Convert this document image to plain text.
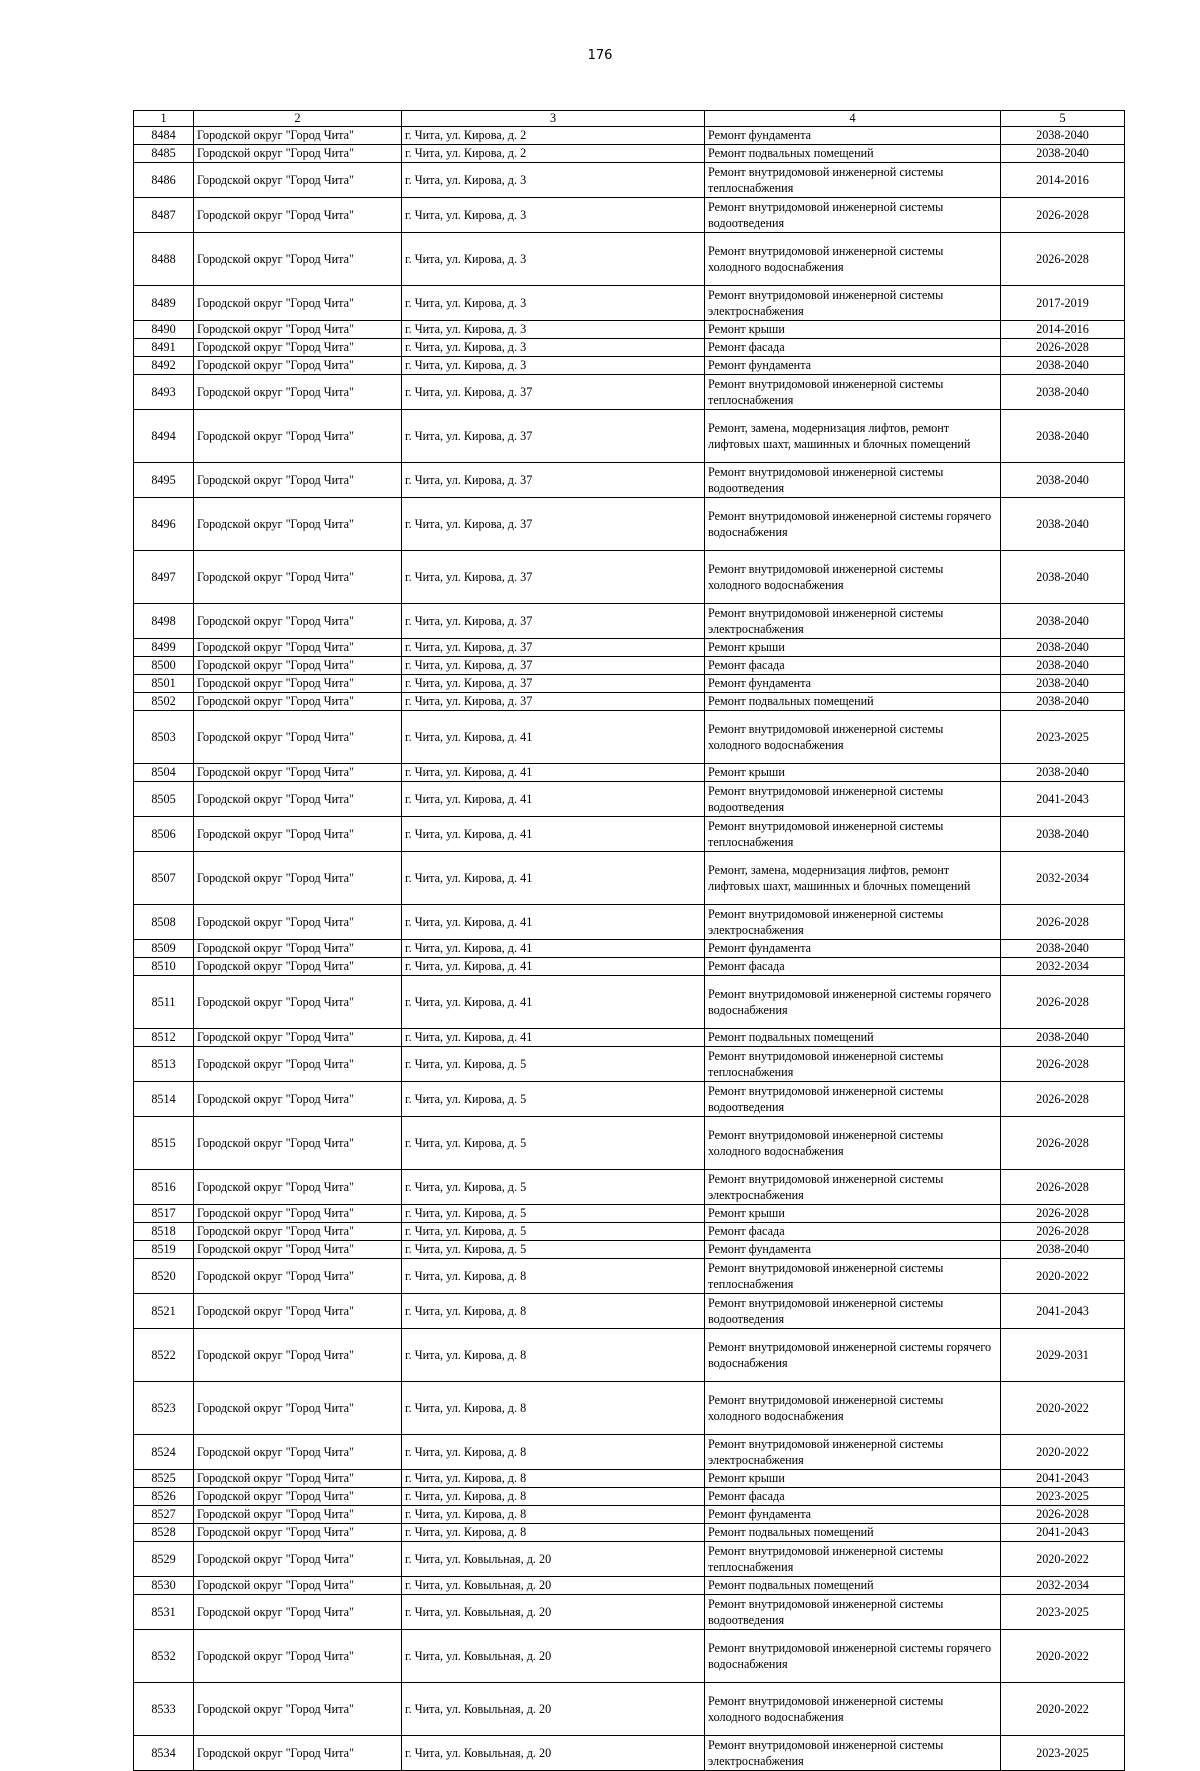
176
1	2	3	4	5
8484	Городской округ "Город Чита"	г. Чита, ул. Кирова, д. 2	Ремонт фундамента	2038-2040
8485	Городской округ "Город Чита"	г. Чита, ул. Кирова, д. 2	Ремонт подвальных помещений	2038-2040
8486	Городской округ "Город Чита"	г. Чита, ул. Кирова, д. 3	Ремонт внутридомовой инженерной системы теплоснабжения	2014-2016
8487	Городской округ "Город Чита"	г. Чита, ул. Кирова, д. 3	Ремонт внутридомовой инженерной системы водоотведения	2026-2028
8488	Городской округ "Город Чита"	г. Чита, ул. Кирова, д. 3	Ремонт внутридомовой инженерной системы холодного водоснабжения	2026-2028
8489	Городской округ "Город Чита"	г. Чита, ул. Кирова, д. 3	Ремонт внутридомовой инженерной системы электроснабжения	2017-2019
8490	Городской округ "Город Чита"	г. Чита, ул. Кирова, д. 3	Ремонт крыши	2014-2016
8491	Городской округ "Город Чита"	г. Чита, ул. Кирова, д. 3	Ремонт фасада	2026-2028
8492	Городской округ "Город Чита"	г. Чита, ул. Кирова, д. 3	Ремонт фундамента	2038-2040
8493	Городской округ "Город Чита"	г. Чита, ул. Кирова, д. 37	Ремонт внутридомовой инженерной системы теплоснабжения	2038-2040
8494	Городской округ "Город Чита"	г. Чита, ул. Кирова, д. 37	Ремонт, замена, модернизация лифтов, ремонт лифтовых шахт, машинных и блочных помещений	2038-2040
8495	Городской округ "Город Чита"	г. Чита, ул. Кирова, д. 37	Ремонт внутридомовой инженерной системы водоотведения	2038-2040
8496	Городской округ "Город Чита"	г. Чита, ул. Кирова, д. 37	Ремонт внутридомовой инженерной системы горячего водоснабжения	2038-2040
8497	Городской округ "Город Чита"	г. Чита, ул. Кирова, д. 37	Ремонт внутридомовой инженерной системы холодного водоснабжения	2038-2040
8498	Городской округ "Город Чита"	г. Чита, ул. Кирова, д. 37	Ремонт внутридомовой инженерной системы электроснабжения	2038-2040
8499	Городской округ "Город Чита"	г. Чита, ул. Кирова, д. 37	Ремонт крыши	2038-2040
8500	Городской округ "Город Чита"	г. Чита, ул. Кирова, д. 37	Ремонт фасада	2038-2040
8501	Городской округ "Город Чита"	г. Чита, ул. Кирова, д. 37	Ремонт фундамента	2038-2040
8502	Городской округ "Город Чита"	г. Чита, ул. Кирова, д. 37	Ремонт подвальных помещений	2038-2040
8503	Городской округ "Город Чита"	г. Чита, ул. Кирова, д. 41	Ремонт внутридомовой инженерной системы холодного водоснабжения	2023-2025
8504	Городской округ "Город Чита"	г. Чита, ул. Кирова, д. 41	Ремонт крыши	2038-2040
8505	Городской округ "Город Чита"	г. Чита, ул. Кирова, д. 41	Ремонт внутридомовой инженерной системы водоотведения	2041-2043
8506	Городской округ "Город Чита"	г. Чита, ул. Кирова, д. 41	Ремонт внутридомовой инженерной системы теплоснабжения	2038-2040
8507	Городской округ "Город Чита"	г. Чита, ул. Кирова, д. 41	Ремонт, замена, модернизация лифтов, ремонт лифтовых шахт, машинных и блочных помещений	2032-2034
8508	Городской округ "Город Чита"	г. Чита, ул. Кирова, д. 41	Ремонт внутридомовой инженерной системы электроснабжения	2026-2028
8509	Городской округ "Город Чита"	г. Чита, ул. Кирова, д. 41	Ремонт фундамента	2038-2040
8510	Городской округ "Город Чита"	г. Чита, ул. Кирова, д. 41	Ремонт фасада	2032-2034
8511	Городской округ "Город Чита"	г. Чита, ул. Кирова, д. 41	Ремонт внутридомовой инженерной системы горячего водоснабжения	2026-2028
8512	Городской округ "Город Чита"	г. Чита, ул. Кирова, д. 41	Ремонт подвальных помещений	2038-2040
8513	Городской округ "Город Чита"	г. Чита, ул. Кирова, д. 5	Ремонт внутридомовой инженерной системы теплоснабжения	2026-2028
8514	Городской округ "Город Чита"	г. Чита, ул. Кирова, д. 5	Ремонт внутридомовой инженерной системы водоотведения	2026-2028
8515	Городской округ "Город Чита"	г. Чита, ул. Кирова, д. 5	Ремонт внутридомовой инженерной системы холодного водоснабжения	2026-2028
8516	Городской округ "Город Чита"	г. Чита, ул. Кирова, д. 5	Ремонт внутридомовой инженерной системы электроснабжения	2026-2028
8517	Городской округ "Город Чита"	г. Чита, ул. Кирова, д. 5	Ремонт крыши	2026-2028
8518	Городской округ "Город Чита"	г. Чита, ул. Кирова, д. 5	Ремонт фасада	2026-2028
8519	Городской округ "Город Чита"	г. Чита, ул. Кирова, д. 5	Ремонт фундамента	2038-2040
8520	Городской округ "Город Чита"	г. Чита, ул. Кирова, д. 8	Ремонт внутридомовой инженерной системы теплоснабжения	2020-2022
8521	Городской округ "Город Чита"	г. Чита, ул. Кирова, д. 8	Ремонт внутридомовой инженерной системы водоотведения	2041-2043
8522	Городской округ "Город Чита"	г. Чита, ул. Кирова, д. 8	Ремонт внутридомовой инженерной системы горячего водоснабжения	2029-2031
8523	Городской округ "Город Чита"	г. Чита, ул. Кирова, д. 8	Ремонт внутридомовой инженерной системы холодного водоснабжения	2020-2022
8524	Городской округ "Город Чита"	г. Чита, ул. Кирова, д. 8	Ремонт внутридомовой инженерной системы электроснабжения	2020-2022
8525	Городской округ "Город Чита"	г. Чита, ул. Кирова, д. 8	Ремонт крыши	2041-2043
8526	Городской округ "Город Чита"	г. Чита, ул. Кирова, д. 8	Ремонт фасада	2023-2025
8527	Городской округ "Город Чита"	г. Чита, ул. Кирова, д. 8	Ремонт фундамента	2026-2028
8528	Городской округ "Город Чита"	г. Чита, ул. Кирова, д. 8	Ремонт подвальных помещений	2041-2043
8529	Городской округ "Город Чита"	г. Чита, ул. Ковыльная, д. 20	Ремонт внутридомовой инженерной системы теплоснабжения	2020-2022
8530	Городской округ "Город Чита"	г. Чита, ул. Ковыльная, д. 20	Ремонт подвальных помещений	2032-2034
8531	Городской округ "Город Чита"	г. Чита, ул. Ковыльная, д. 20	Ремонт внутридомовой инженерной системы водоотведения	2023-2025
8532	Городской округ "Город Чита"	г. Чита, ул. Ковыльная, д. 20	Ремонт внутридомовой инженерной системы горячего водоснабжения	2020-2022
8533	Городской округ "Город Чита"	г. Чита, ул. Ковыльная, д. 20	Ремонт внутридомовой инженерной системы холодного водоснабжения	2020-2022
8534	Городской округ "Город Чита"	г. Чита, ул. Ковыльная, д. 20	Ремонт внутридомовой инженерной системы электроснабжения	2023-2025
